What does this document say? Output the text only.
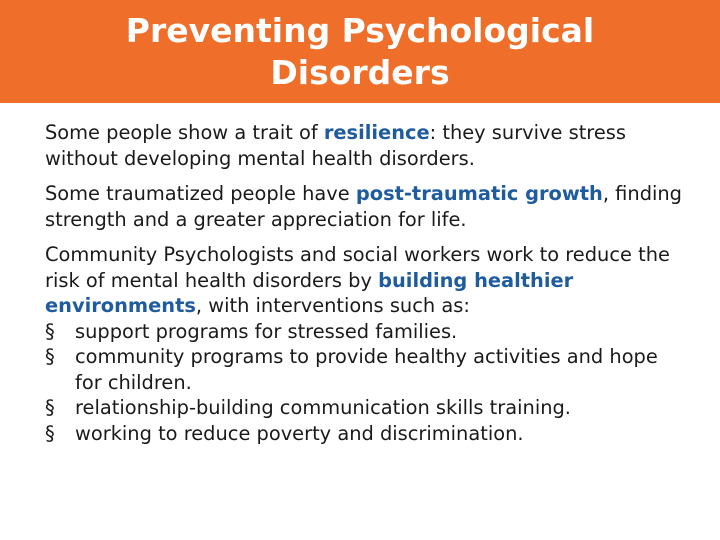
Preventing Psychological Disorders

Some people show a trait of resilience: they survive stress without developing mental health disorders.

Some traumatized people have post-traumatic growth, finding strength and a greater appreciation for life.

Community Psychologists and social workers work to reduce the risk of mental health disorders by building healthier environments, with interventions such as:

§ support programs for stressed families.
§ community programs to provide healthy activities and hope for children.
§ relationship-building communication skills training.
§ working to reduce poverty and discrimination.
